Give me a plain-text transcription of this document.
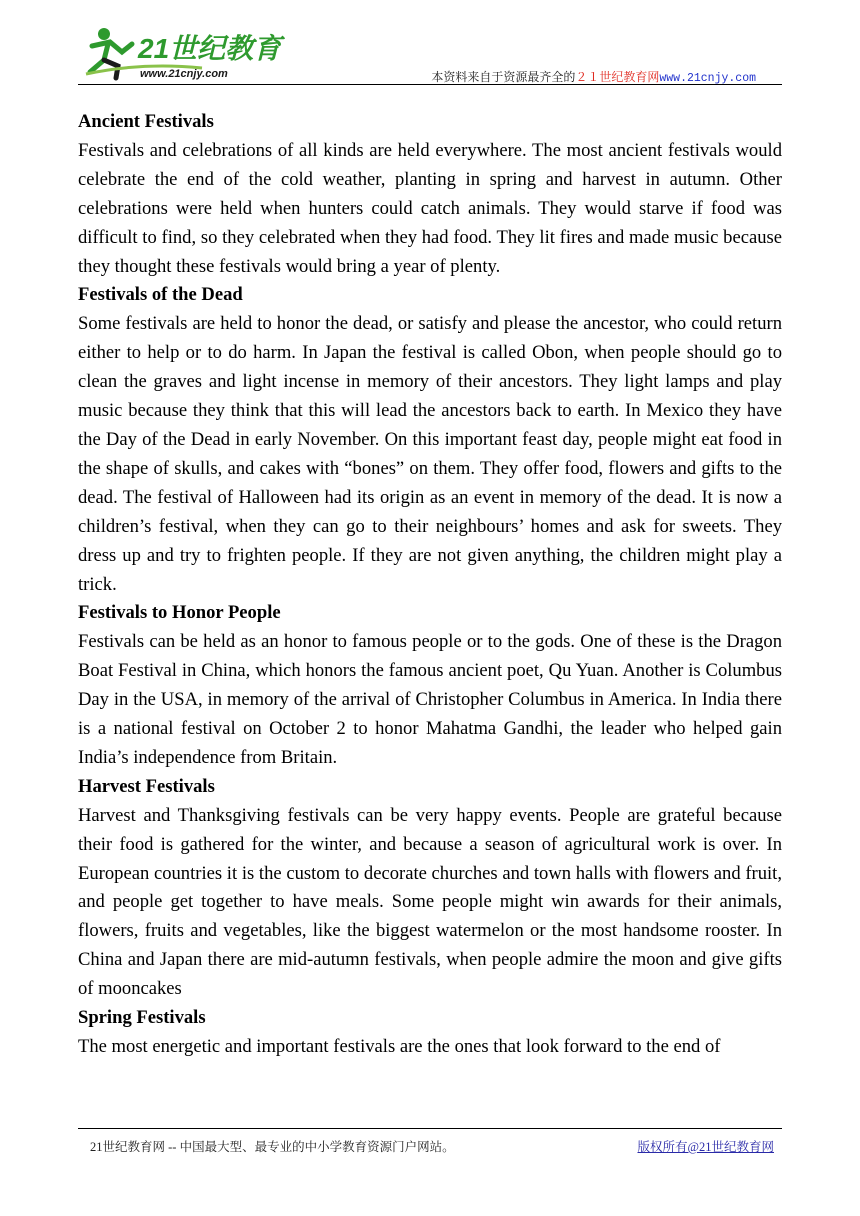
21世纪教育
www.21cnjy.com	本资料来自于资源最齐全的２１世纪教育网www.21cnjy.com
Ancient Festivals

Festivals and celebrations of all kinds are held everywhere. The most ancient festivals would celebrate the end of the cold weather, planting in spring and harvest in autumn. Other celebrations were held when hunters could catch animals. They would starve if food was difficult to find, so they celebrated when they had food. They lit fires and made music because they thought these festivals would bring a year of plenty.

Festivals of the Dead

Some festivals are held to honor the dead, or satisfy and please the ancestor, who could return either to help or to do harm. In Japan the festival is called Obon, when people should go to clean the graves and light incense in memory of their ancestors. They light lamps and play music because they think that this will lead the ancestors back to earth. In Mexico they have the Day of the Dead in early November. On this important feast day, people might eat food in the shape of skulls, and cakes with “bones” on them. They offer food, flowers and gifts to the dead. The festival of Halloween had its origin as an event in memory of the dead. It is now a children’s festival, when they can go to their neighbours’ homes and ask for sweets. They dress up and try to frighten people. If they are not given anything, the children might play a trick.

Festivals to Honor People

Festivals can be held as an honor to famous people or to the gods. One of these is the Dragon Boat Festival in China, which honors the famous ancient poet, Qu Yuan. Another is Columbus Day in the USA, in memory of the arrival of Christopher Columbus in America. In India there is a national festival on October 2 to honor Mahatma Gandhi, the leader who helped gain India’s independence from Britain.

Harvest Festivals

Harvest and Thanksgiving festivals can be very happy events. People are grateful because their food is gathered for the winter, and because a season of agricultural work is over. In European countries it is the custom to decorate churches and town halls with flowers and fruit, and people get together to have meals. Some people might win awards for their animals, flowers, fruits and vegetables, like the biggest watermelon or the most handsome rooster. In China and Japan there are mid-autumn festivals, when people admire the moon and give gifts of mooncakes

Spring Festivals

The most energetic and important festivals are the ones that look forward to the end of

21世纪教育网 -- 中国最大型、最专业的中小学教育资源门户网站。	版权所有@21世纪教育网
